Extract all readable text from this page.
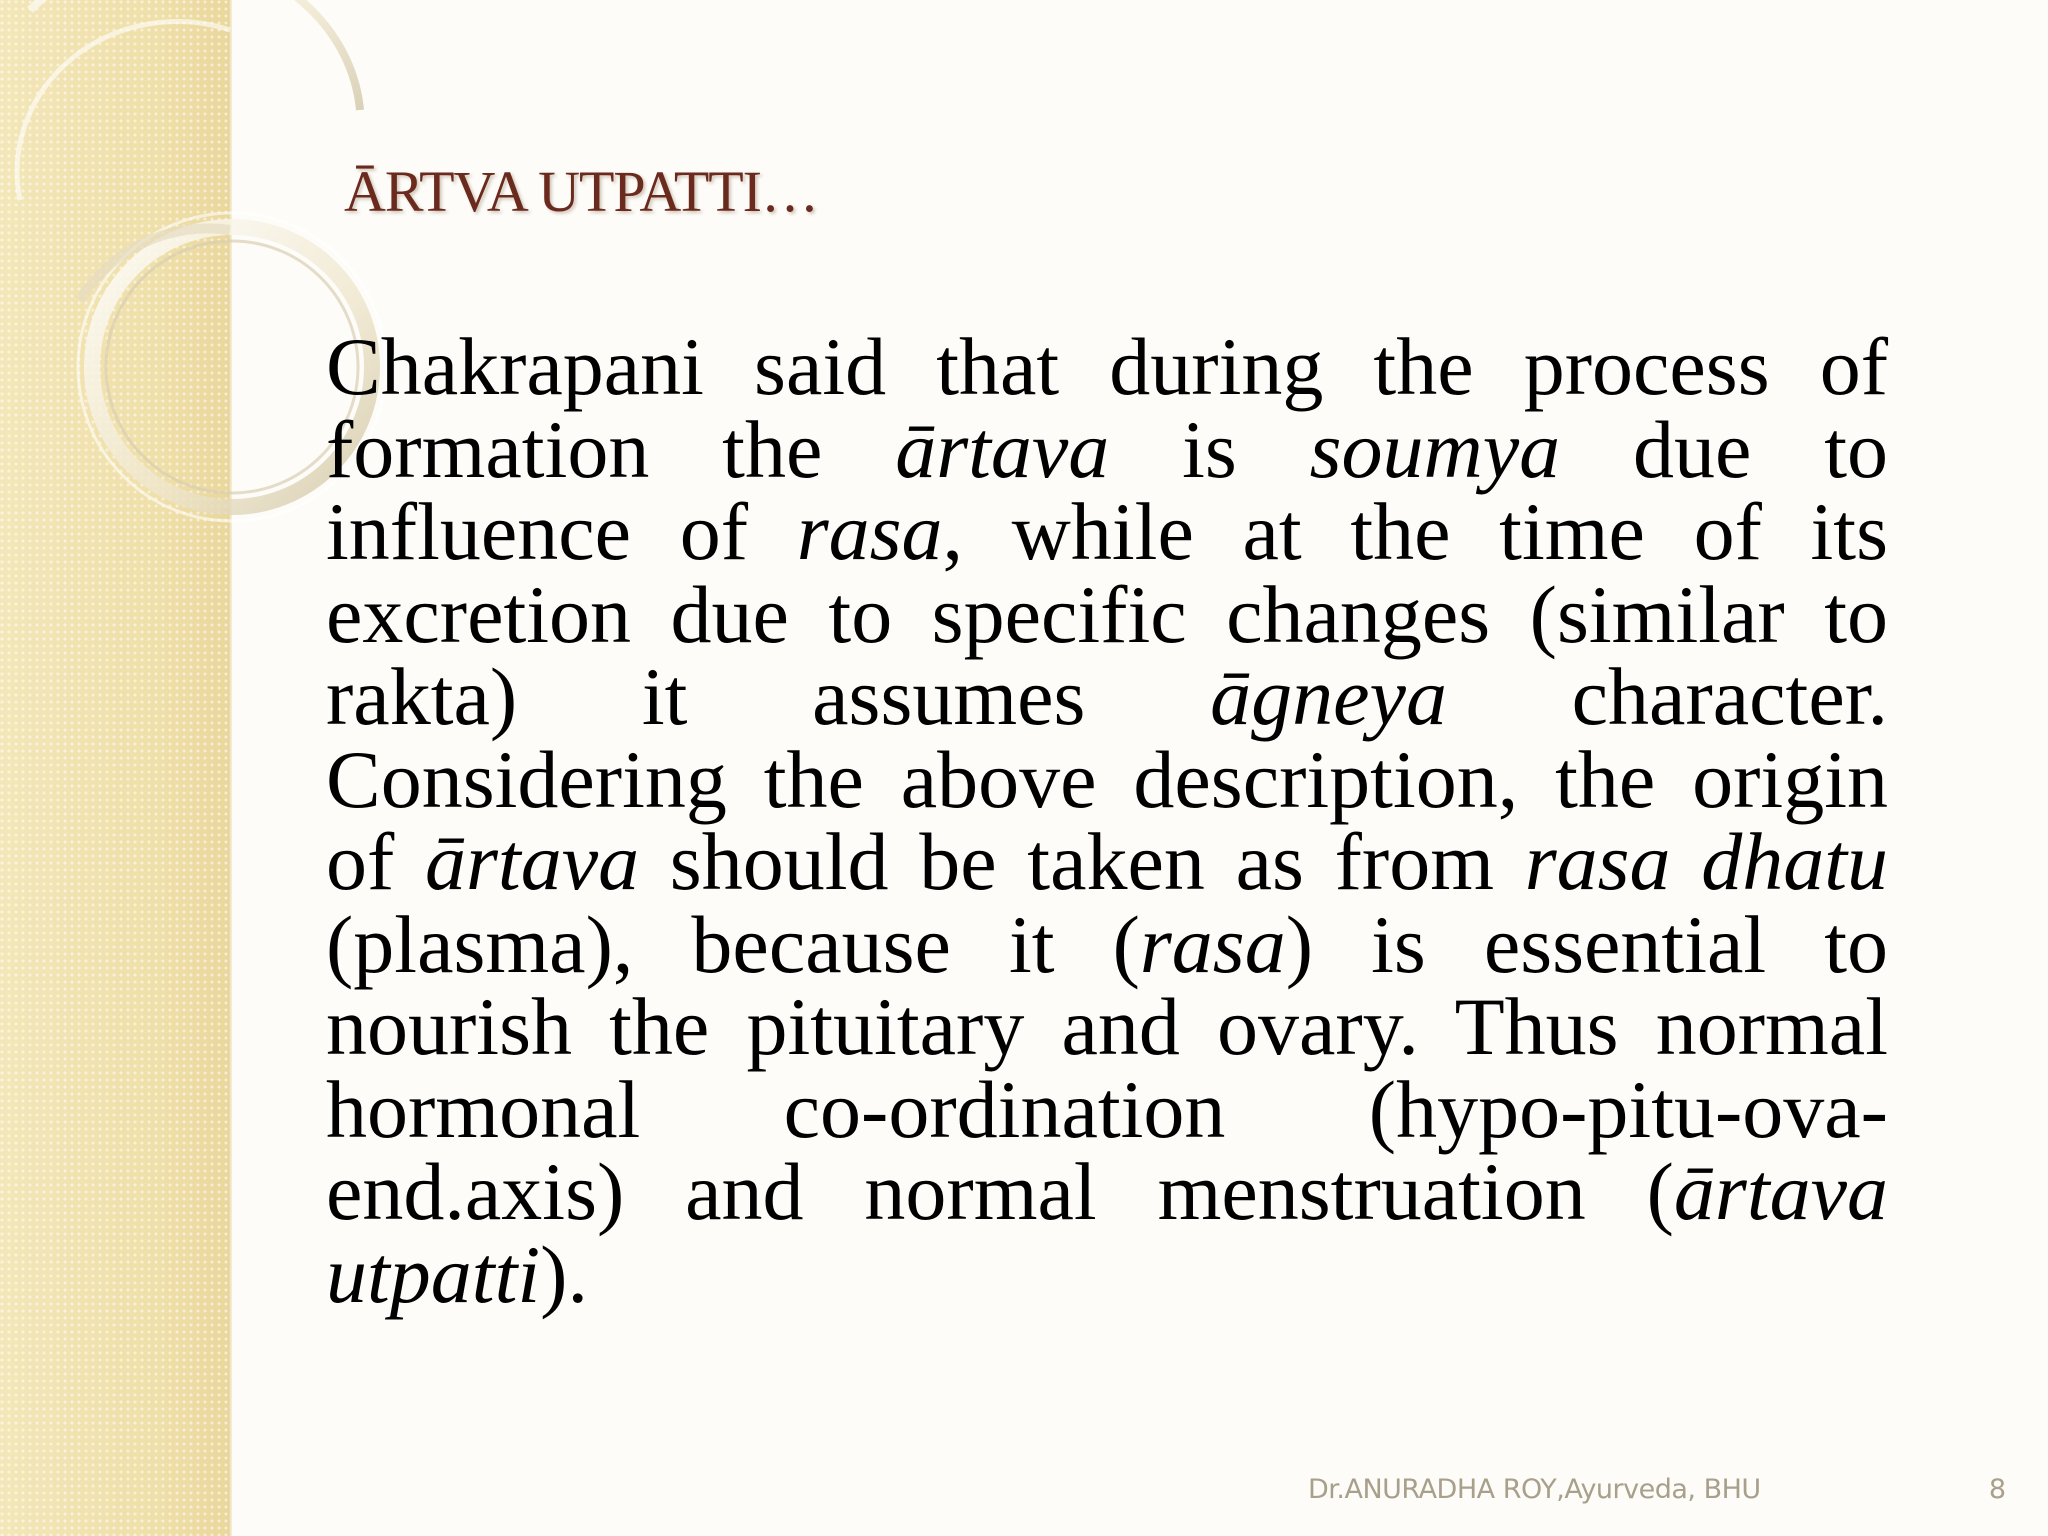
ĀRTVA UTPATTI…

Chakrapani said that during the process of formation the ārtava is soumya due to influence of rasa, while at the time of its excretion due to specific changes (similar to rakta) it assumes āgneya character. Considering the above description, the origin of ārtava should be taken as from rasa dhatu (plasma), because it (rasa) is essential to nourish the pituitary and ovary. Thus normal hormonal co-ordination (hypo-pitu-ova-end.axis) and normal menstruation (ārtava utpatti).

Dr.ANURADHA ROY,Ayurveda, BHU	8
